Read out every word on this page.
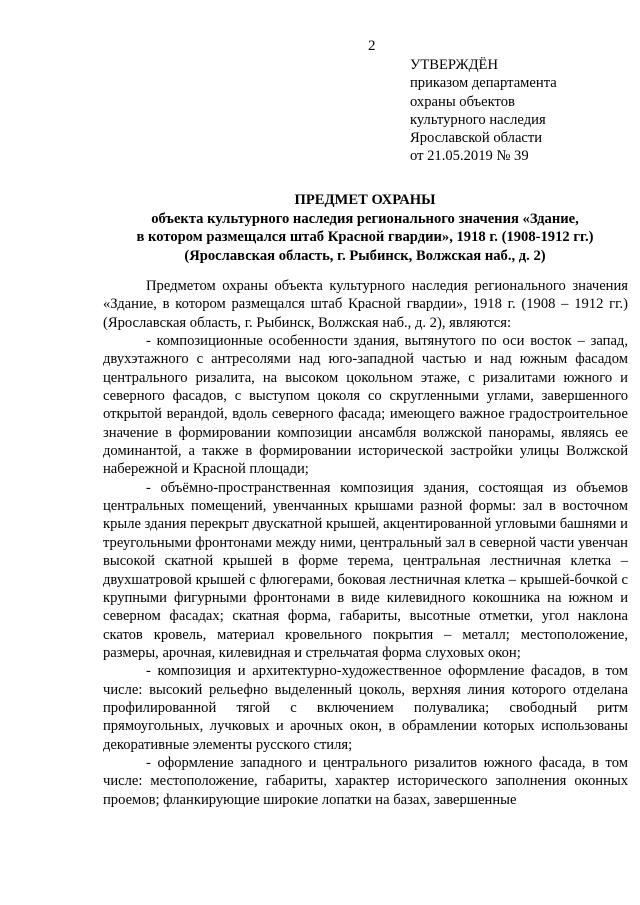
2
УТВЕРЖДЁН
приказом департамента
охраны объектов
культурного наследия
Ярославской области
от 21.05.2019 № 39
ПРЕДМЕТ ОХРАНЫ
объекта культурного наследия регионального значения «Здание,
в котором размещался штаб Красной гвардии», 1918 г. (1908-1912 гг.)
(Ярославская область, г. Рыбинск, Волжская наб., д. 2)

Предметом охраны объекта культурного наследия регионального значения «Здание, в котором размещался штаб Красной гвардии», 1918 г. (1908 – 1912 гг.) (Ярославская область, г. Рыбинск, Волжская наб., д. 2), являются:

- композиционные особенности здания, вытянутого по оси восток – запад, двухэтажного с антресолями над юго-западной частью и над южным фасадом центрального ризалита, на высоком цокольном этаже, с ризалитами южного и северного фасадов, с выступом цоколя со скругленными углами, завершенного открытой верандой, вдоль северного фасада; имеющего важное градостроительное значение в формировании композиции ансамбля волжской панорамы, являясь ее доминантой, а также в формировании исторической застройки улицы Волжской набережной и Красной площади;

- объёмно-пространственная композиция здания, состоящая из объемов центральных помещений, увенчанных крышами разной формы: зал в восточном крыле здания перекрыт двускатной крышей, акцентированной угловыми башнями и треугольными фронтонами между ними, центральный зал в северной части увенчан высокой скатной крышей в форме терема, центральная лестничная клетка – двухшатровой крышей с флюгерами, боковая лестничная клетка – крышей-бочкой с крупными фигурными фронтонами в виде килевидного кокошника на южном и северном фасадах; скатная форма, габариты, высотные отметки, угол наклона скатов кровель, материал кровельного покрытия – металл; местоположение, размеры, арочная, килевидная и стрельчатая форма слуховых окон;

- композиция и архитектурно-художественное оформление фасадов, в том числе: высокий рельефно выделенный цоколь, верхняя линия которого отделана профилированной тягой с включением полувалика; свободный ритм прямоугольных, лучковых и арочных окон, в обрамлении которых использованы декоративные элементы русского стиля;

- оформление западного и центрального ризалитов южного фасада, в том числе: местоположение, габариты, характер исторического заполнения оконных проемов; фланкирующие широкие лопатки на базах, завершенные
